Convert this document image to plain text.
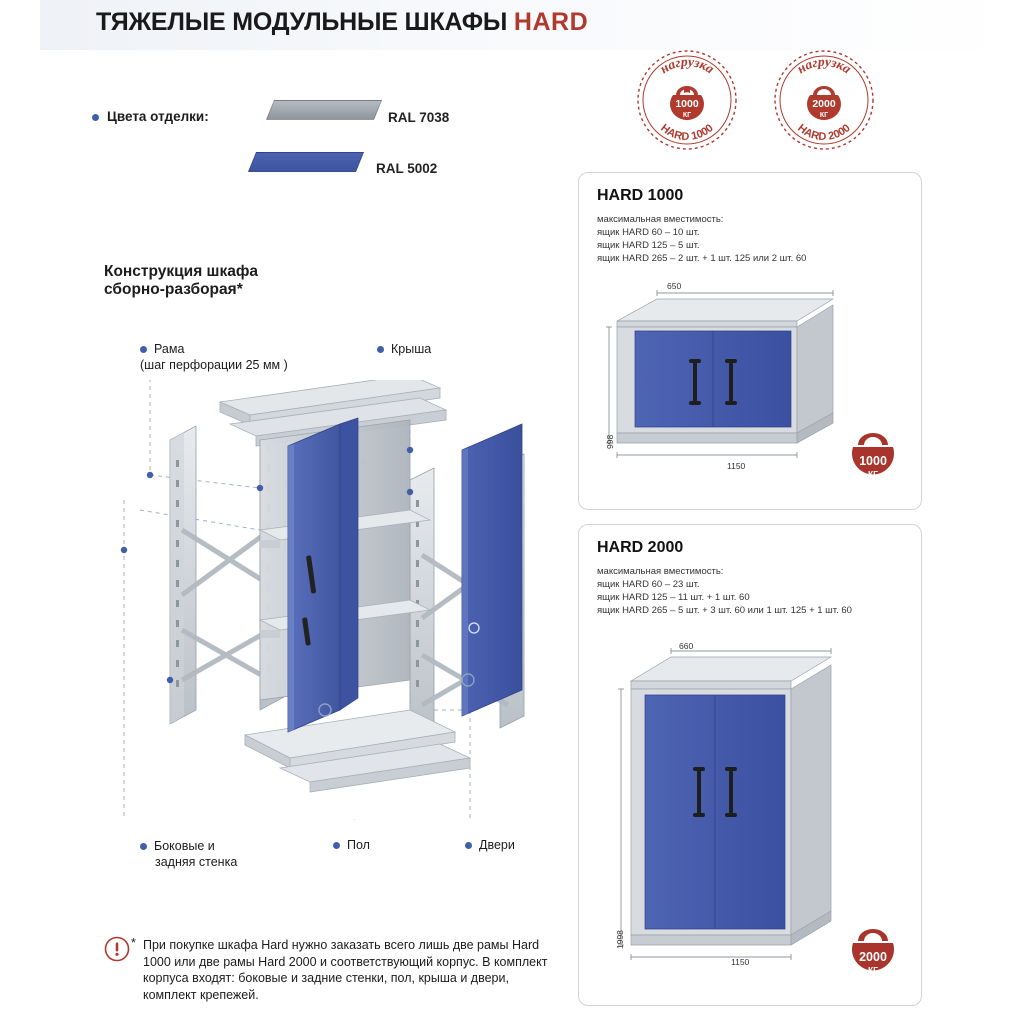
ТЯЖЕЛЫЕ МОДУЛЬНЫЕ ШКАФЫ HARD
Цвета отделки:	RAL 7038
RAL 5002
Конструкция шкафа
сборно-разборая*
Рама
(шаг перфорации 25 мм )
Крыша
Боковые и
задняя стенка
Пол	Двери
нагрузка
1000
КГ
HARD 1000
нагрузка
2000
КГ
HARD 2000
HARD 1000
максимальная вместимость:
ящик HARD 60 – 10 шт.
ящик HARD 125 – 5 шт.
ящик HARD 265 – 2 шт. + 1 шт. 125 или 2 шт. 60
650
998
1150	1000
КГ
HARD 2000
максимальная вместимость:
ящик HARD 60 – 23 шт.
ящик HARD 125 – 11 шт. + 1 шт. 60
ящик HARD 265 – 5 шт. + 3 шт. 60 или 1 шт. 125 + 1 шт. 60
660
1998
1150	2000
КГ
* При покупке шкафа Hard нужно заказать всего лишь две рамы Hard 1000 или две рамы Hard 2000 и соответствующий корпус. В комплект корпуса входят: боковые и задние стенки, пол, крыша и двери, комплект крепежей.
